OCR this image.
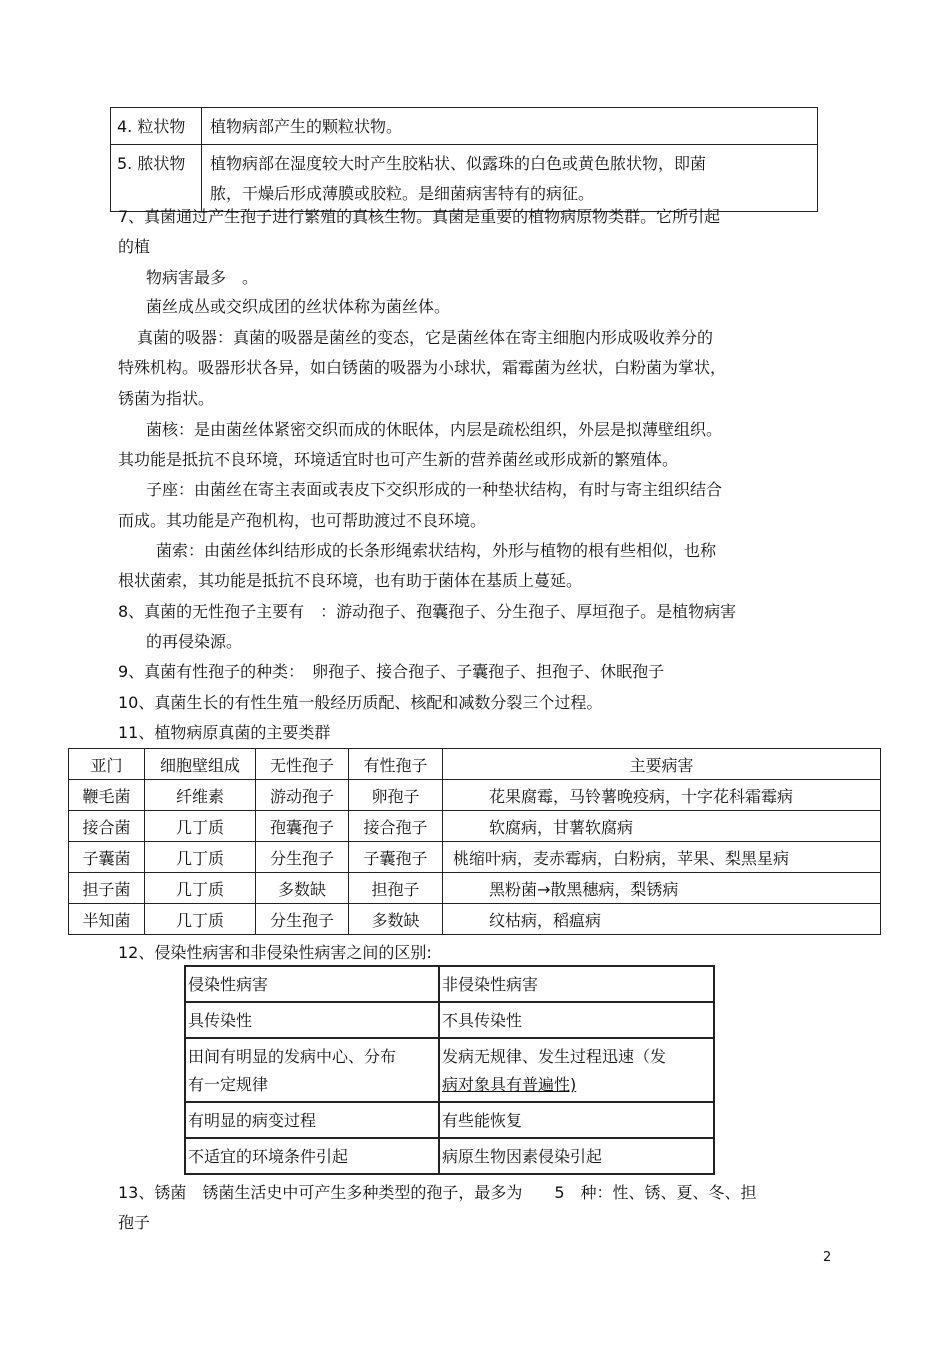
4. 粒状物	植物病部产生的颗粒状物。
5. 脓状物	植物病部在湿度较大时产生胶粘状、似露珠的白色或黄色脓状物，即菌
脓，干燥后形成薄膜或胶粒。是细菌病害特有的病征。
7、真菌通过产生孢子进行繁殖的真核生物。真菌是重要的植物病原物类群。它所引起
的植
物病害最多　。
菌丝成丛或交织成团的丝状体称为菌丝体。
真菌的吸器：真菌的吸器是菌丝的变态，它是菌丝体在寄主细胞内形成吸收养分的
特殊机构。吸器形状各异，如白锈菌的吸器为小球状，霜霉菌为丝状，白粉菌为掌状，
锈菌为指状。
菌核：是由菌丝体紧密交织而成的休眠体，内层是疏松组织，外层是拟薄壁组织。
其功能是抵抗不良环境，环境适宜时也可产生新的营养菌丝或形成新的繁殖体。
子座：由菌丝在寄主表面或表皮下交织形成的一种垫状结构，有时与寄主组织结合
而成。其功能是产孢机构，也可帮助渡过不良环境。
菌索：由菌丝体纠结形成的长条形绳索状结构，外形与植物的根有些相似，也称
根状菌索，其功能是抵抗不良环境，也有助于菌体在基质上蔓延。
8、真菌的无性孢子主要有　：游动孢子、孢囊孢子、分生孢子、厚垣孢子。是植物病害
的再侵染源。
9、真菌有性孢子的种类：　卵孢子、接合孢子、子囊孢子、担孢子、休眠孢子
10、真菌生长的有性生殖一般经历质配、核配和减数分裂三个过程。
11、植物病原真菌的主要类群
亚门	细胞壁组成	无性孢子	有性孢子	主要病害
鞭毛菌	纤维素	游动孢子	卵孢子	花果腐霉，马铃薯晚疫病，十字花科霜霉病
接合菌	几丁质	孢囊孢子	接合孢子	软腐病，甘薯软腐病
子囊菌	几丁质	分生孢子	子囊孢子	桃缩叶病，麦赤霉病，白粉病，苹果、梨黑星病
担子菌	几丁质	多数缺	担孢子	黑粉菌→散黑穗病，梨锈病
半知菌	几丁质	分生孢子	多数缺	纹枯病，稻瘟病
12、侵染性病害和非侵染性病害之间的区别:
侵染性病害	非侵染性病害
具传染性	不具传染性
田间有明显的发病中心、分布
有一定规律	发病无规律、发生过程迅速（发
病对象具有普遍性)
有明显的病变过程	有些能恢复
不适宜的环境条件引起	病原生物因素侵染引起
13、锈菌　锈菌生活史中可产生多种类型的孢子，最多为　　5　种：性、锈、夏、冬、担
孢子
2
